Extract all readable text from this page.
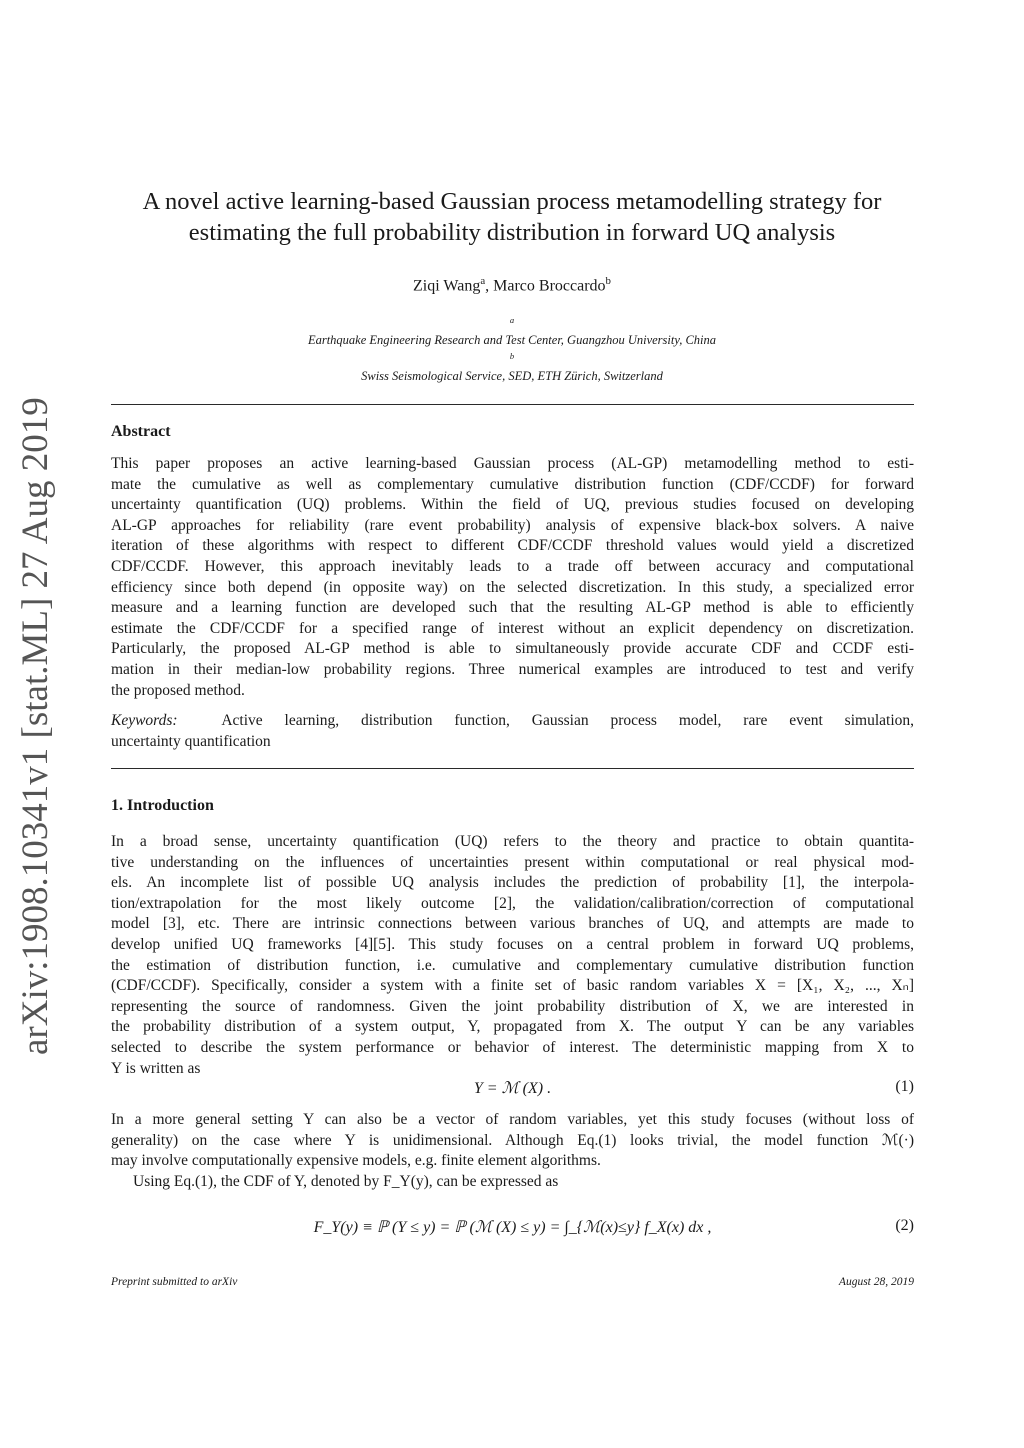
arXiv:1908.10341v1 [stat.ML] 27 Aug 2019
A novel active learning-based Gaussian process metamodelling strategy for
estimating the full probability distribution in forward UQ analysis
Ziqi Wang$^a$, Marco Broccardo$^b$
$^a$
Earthquake Engineering Research and Test Center, Guangzhou University, China
$^b$
Swiss Seismological Service, SED, ETH Zürich, Switzerland
Abstract
This paper proposes an active learning-based Gaussian process (AL-GP) metamodelling method to esti-
mate the cumulative as well as complementary cumulative distribution function (CDF/CCDF) for forward
uncertainty quantification (UQ) problems. Within the field of UQ, previous studies focused on developing
AL-GP approaches for reliability (rare event probability) analysis of expensive black-box solvers. A naive
iteration of these algorithms with respect to different CDF/CCDF threshold values would yield a discretized
CDF/CCDF. However, this approach inevitably leads to a trade off between accuracy and computational
efficiency since both depend (in opposite way) on the selected discretization. In this study, a specialized error
measure and a learning function are developed such that the resulting AL-GP method is able to efficiently
estimate the CDF/CCDF for a specified range of interest without an explicit dependency on discretization.
Particularly, the proposed AL-GP method is able to simultaneously provide accurate CDF and CCDF esti-
mation in their median-low probability regions. Three numerical examples are introduced to test and verify
the proposed method.
Keywords:	Active learning, distribution function, Gaussian process model, rare event simulation,
uncertainty quantification
1. Introduction
In a broad sense, uncertainty quantification (UQ) refers to the theory and practice to obtain quantita-
tive understanding on the influences of uncertainties present within computational or real physical mod-
els. An incomplete list of possible UQ analysis includes the prediction of probability [1], the interpola-
tion/extrapolation for the most likely outcome [2], the validation/calibration/correction of computational
model [3], etc. There are intrinsic connections between various branches of UQ, and attempts are made to
develop unified UQ frameworks [4][5]. This study focuses on a central problem in forward UQ problems,
the estimation of distribution function, i.e. cumulative and complementary cumulative distribution function
(CDF/CCDF). Specifically, consider a system with a finite set of basic random variables X = [X₁, X₂, ..., Xₙ]
representing the source of randomness. Given the joint probability distribution of X, we are interested in
the probability distribution of a system output, Y, propagated from X. The output Y can be any variables
selected to describe the system performance or behavior of interest. The deterministic mapping from X to
Y is written as
Y = ℳ (X) .	(1)
In a more general setting Y can also be a vector of random variables, yet this study focuses (without loss of
generality) on the case where Y is unidimensional. Although Eq.(1) looks trivial, the model function ℳ(·)
may involve computationally expensive models, e.g. finite element algorithms.
Using Eq.(1), the CDF of Y, denoted by F_Y(y), can be expressed as
F_Y(y) ≡ ℙ (Y ≤ y) = ℙ (ℳ (X) ≤ y) = ∫_{ℳ(x)≤y} f_X(x) dx ,	(2)
Preprint submitted to arXiv	August 28, 2019
